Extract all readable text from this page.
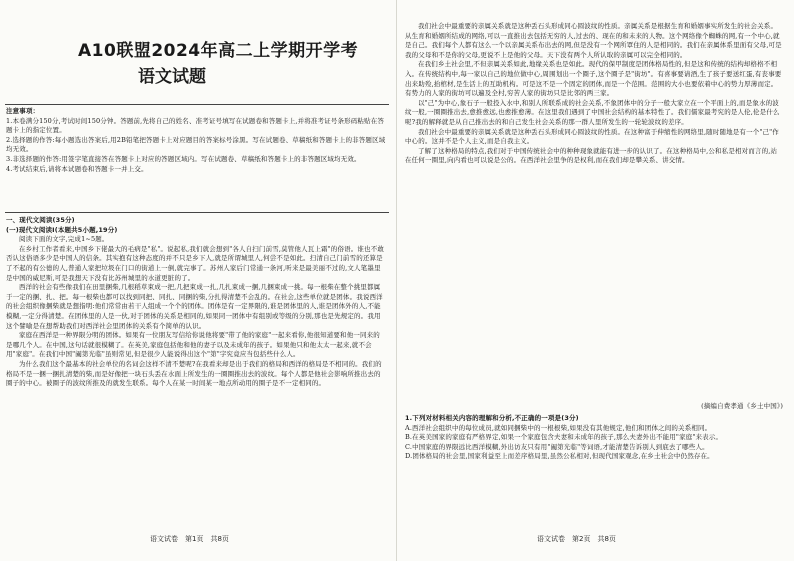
A10联盟2024年高二上学期开学考
语文试题

注意事项：

1.本卷满分150分,考试时间150分钟。答题前,先将自己的姓名、准考证号填写在试题卷和答题卡上,并将准考证号条形码粘贴在答题卡上的指定位置。

2.选择题的作答:每小题选出答案后,用2B铅笔把答题卡上对应题目的答案标号涂黑。写在试题卷、草稿纸和答题卡上的非答题区域均无效。

3.非选择题的作答:用签字笔直接答在答题卡上对应的答题区域内。写在试题卷、草稿纸和答题卡上的非答题区域均无效。

4.考试结束后,请将本试题卷和答题卡一并上交。

一、现代文阅读(35分)

(一)现代文阅读Ⅰ(本题共5小题,19分)

阅读下面的文字,完成1~5题。

在乡村工作者看来,中国乡下佬最大的毛病是"私"。说起私,我们就会想到"各人自扫门前雪,莫管他人瓦上霜"的俗语。谁也不敢否认这俗语多少是中国人的信条。其实抱有这种态度的并不只是乡下人,就是所谓城里人,何尝不是如此。扫清自己门前雪的还算是了不起的有公德的人,普通人家把垃圾在门口的街道上一倒,就完事了。苏州人家后门常通一条河,听来是最美丽不过的,文人笔墨里是中国的威尼斯,可是我想天下没有比苏州城里的水道更脏的了。

西洋的社会有些像我们在田里捆柴,几根稻草束成一把,几把束成一扎,几扎束成一捆,几捆束成一挑。每一根柴在整个挑里都属于一定的捆、扎、把。每一根柴也都可以找到同把、同扎、同捆的柴,分扎得清楚不会乱的。在社会,这些单位就是团体。我说西洋的社会组织像捆柴就是想指明:他们常常由若干人组成一个个的团体。团体是有一定界限的,谁是团体里的人,谁是团体外的人,不能模糊,一定分得清楚。在团体里的人是一伙,对于团体的关系是相同的,如果同一团体中有组别或等级的分别,那也是先规定的。我用这个譬喻是在想帮助我们对西洋社会里团体的关系有个简单的认识。

家庭在西洋是一种界限分明的团体。如果有一位朋友写信给你说他将要"带了他的家庭"一起来看你,他很知道要和他一同来的是哪几个人。在中国,这句话就很模糊了。在英美,家庭包括他和他的妻子以及未成年的孩子。如果他只和他太太一起来,就不会用"家庭"。在我们中国"阖第光临"虽则常见,但是很少人能说得出这个"第"字究竟应当包括些什么人。

为什么我们这个最基本的社会单位的名词会这样不清不楚呢?在我看来却是出于我们的格局和西洋的格局是不相同的。我们的格局不是一捆一捆扎清楚的柴,而是好像把一块石头丢在水面上所发生的一圈圈推出去的波纹。每个人都是他社会影响所推出去的圈子的中心。被圈子的波纹所推及的就发生联系。每个人在某一时间某一地点所动用的圈子是不一定相同的。

语文试卷　第1页　共8页

我们社会中最重要的亲属关系就是这种丢石头形成同心圆波纹的性质。亲属关系是根据生育和婚姻事实所发生的社会关系。从生育和婚姻所结成的网络,可以一直推出去包括无穷的人,过去的、现在的和未来的人物。这个网络像个蜘蛛的网,有一个中心,就是自己。我们每个人都有这么一个以亲属关系布出去的网,但是没有一个网所罩住的人是相同的。我们在亲属体系里面有父母,可是我的父母和不是你的父母,更说不上是他的父母。天下没有两个人所认取的亲属可以完全相同的。

在我们乡土社会里,不但亲属关系如此,地缘关系也是如此。现代的保甲制度是团体格局性的,但是这和传统的结构却格格不相入。在传统结构中,每一家以自己的地位做中心,周围划出一个圈子,这个圈子是"街坊"。有喜事要请酒,生了孩子要送红蛋,有丧事要出来助殓,抬棺材,是生活上的互助机构。可是这不是一个固定的团体,而是一个范围。范围的大小也要依着中心的势力厚薄而定。有势力的人家的街坊可以遍及全村,穷苦人家的街坊只是比邻的两三家。

以"己"为中心,象石子一般投入水中,和别人所联系成的社会关系,不象团体中的分子一般大家立在一个平面上的,而是象水的波纹一般,一圈圈推出去,愈推愈远,也愈推愈薄。在这里我们遇到了中国社会结构的基本特性了。我们儒家最考究的是人伦,伦是什么呢?我的解释就是从自己推出去的和自己发生社会关系的那一群人里所发生的一轮轮波纹的差序。

我们社会中最重要的亲属关系就是这种丢石头形成同心圆波纹的性质。在这种富于伸缩性的网络里,随时随地是有一个"己"作中心的。这并不是个人主义,而是自我主义。

了解了这种格局的特点,我们对于中国传统社会中的种种现象就能有进一步的认识了。在这种格局中,公和私是相对而言的,站在任何一圈里,向内看也可以说是公的。在西洋社会里争的是权利,而在我们却是攀关系、讲交情。

(摘编自费孝通《乡土中国》)

1.下列对材料相关内容的理解和分析,不正确的一项是(3分)

A.西洋社会组织中的每位成员,就如同捆柴中的一根根柴,如果没有其他规定,他们和团体之间的关系相同。

B.在英美国家的家庭有严格界定,如果一个家庭包含夫妻和未成年的孩子,那么夫妻外出不能用"家庭"来表示。

C.中国家庭的界限远比西洋模糊,外出访友只有用"阖第光临"等词语,才能清楚告诉别人到底去了哪些人。

D.团体格局的社会里,国家利益至上而差序格局里,虽然公私相对,但现代国家观念,在乡土社会中仍然存在。

语文试卷　第2页　共8页
